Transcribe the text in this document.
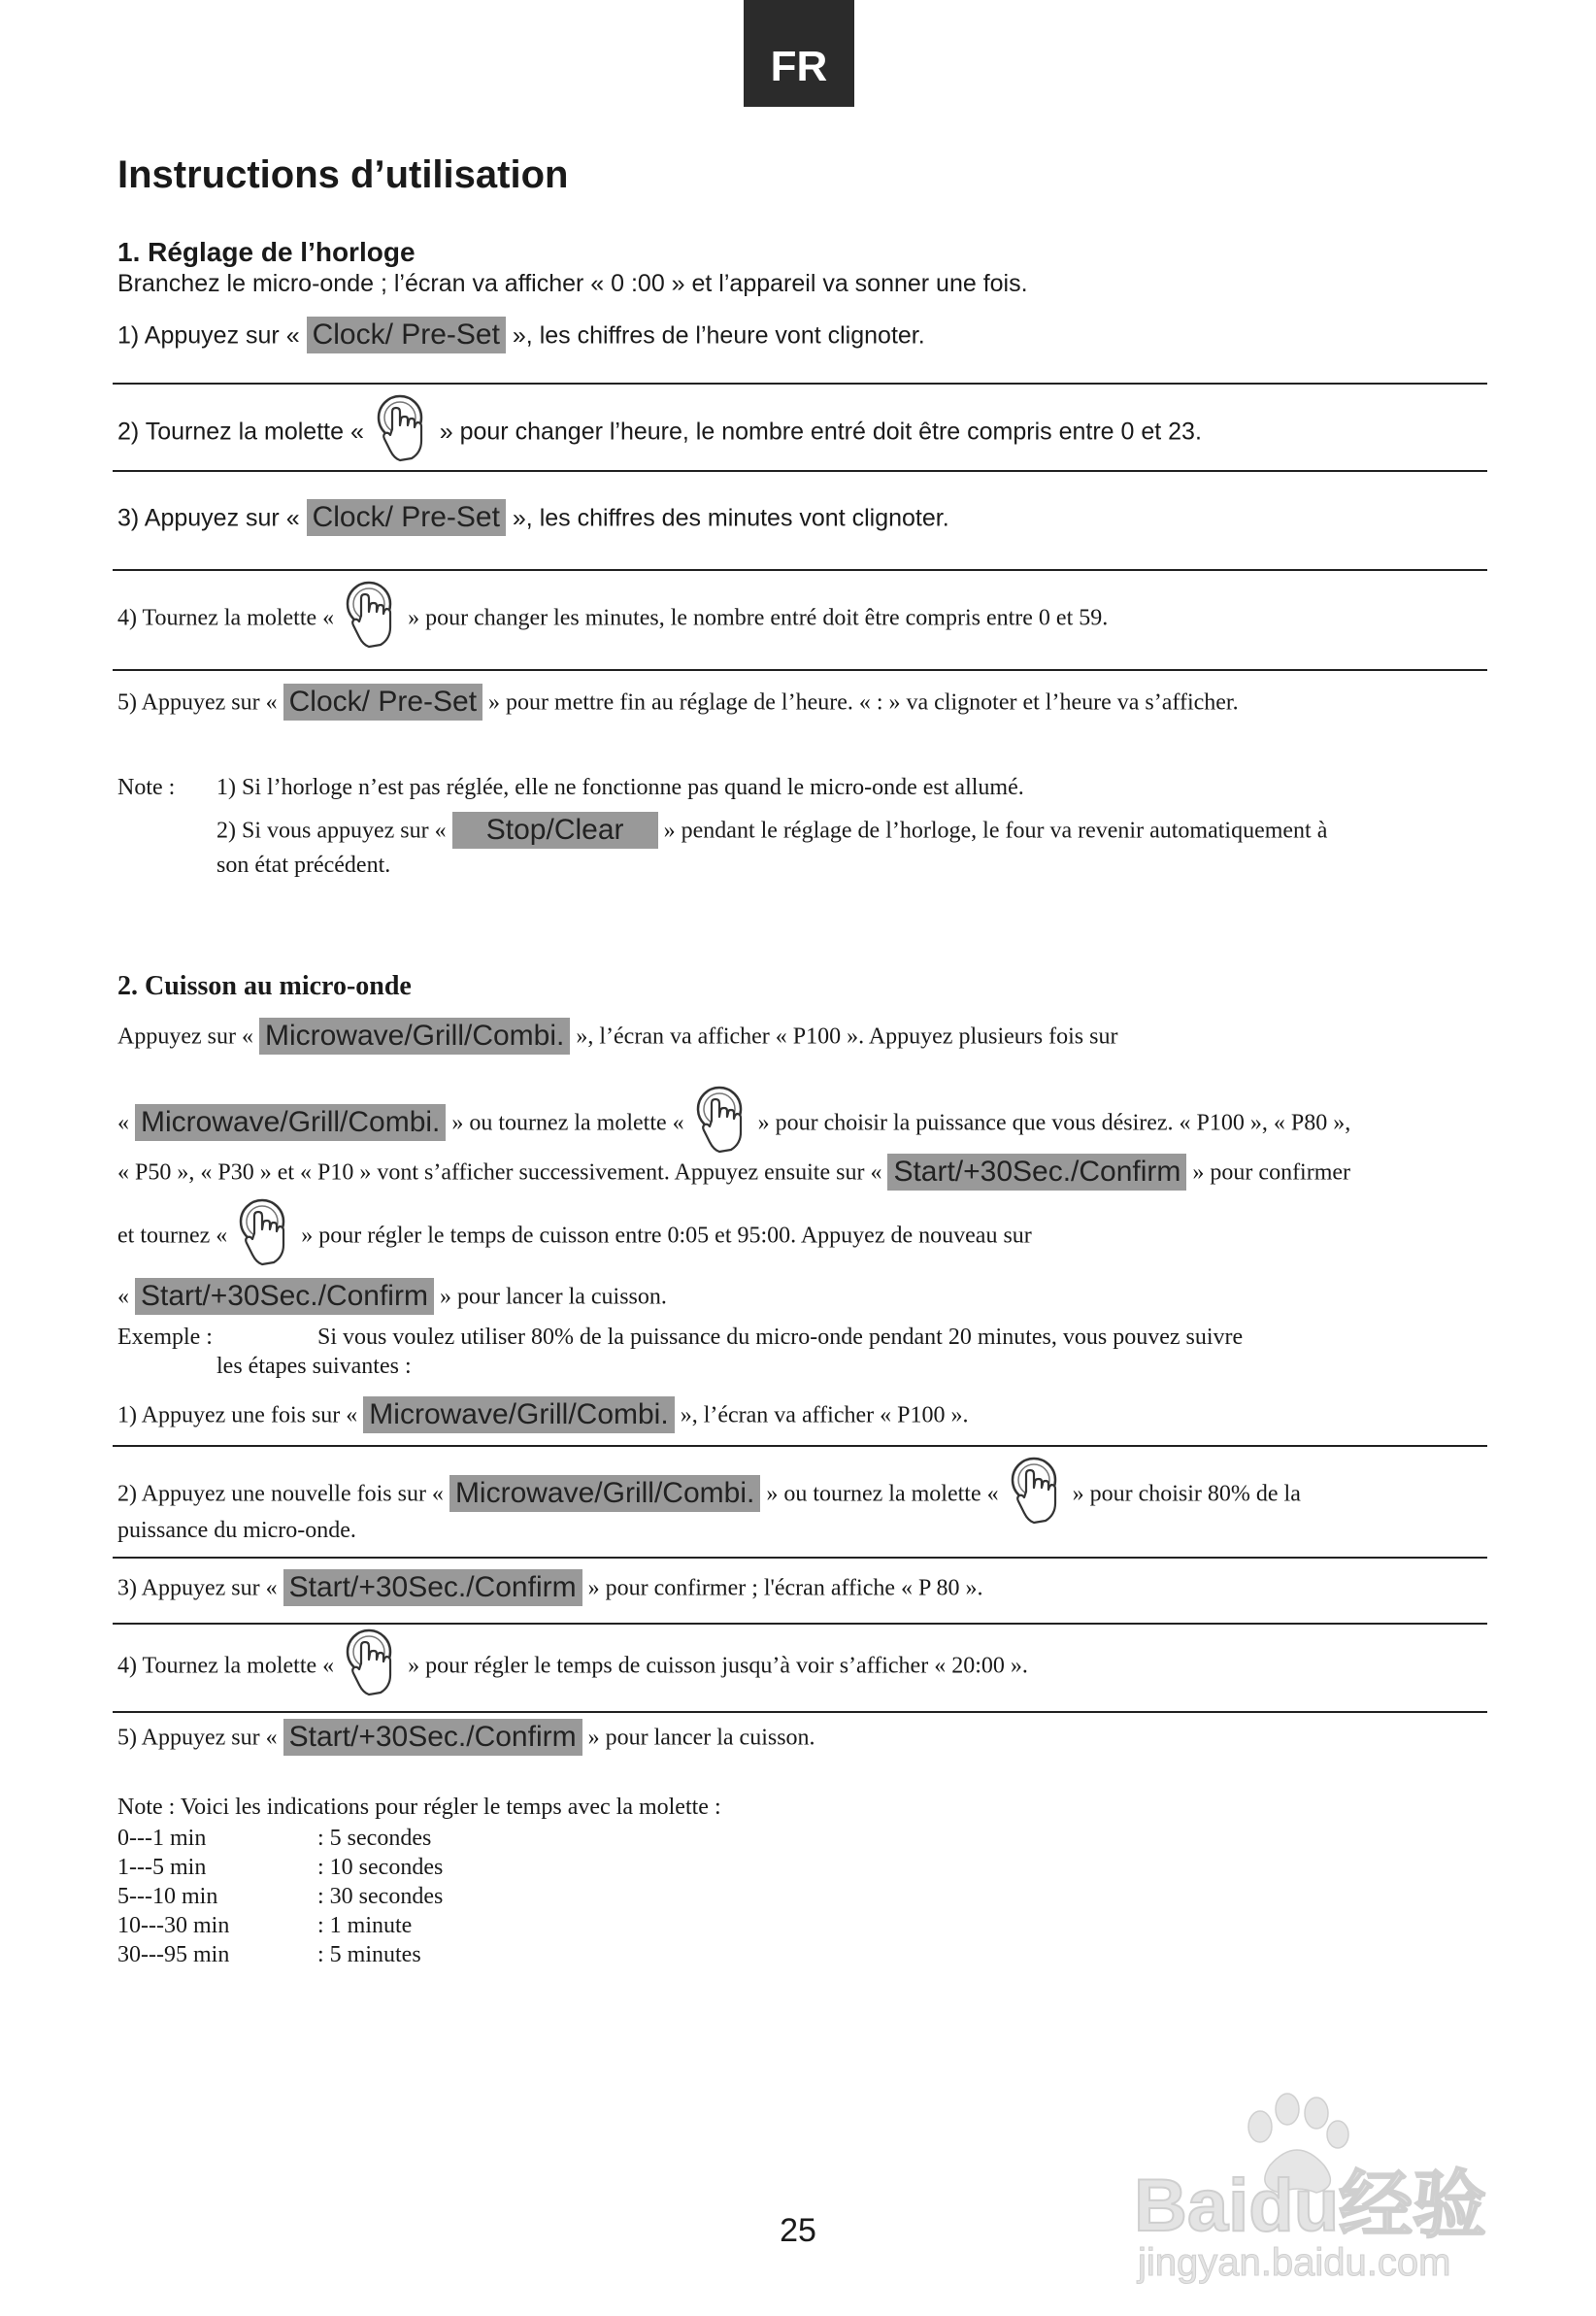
FR
Instructions d’utilisation
1. Réglage de l’horloge
Branchez le micro-onde ; l’écran va afficher « 0 :00 » et l’appareil va sonner une fois.
1) Appuyez sur « Clock/ Pre-Set », les chiffres de l’heure vont clignoter.
2) Tournez la molette «	» pour changer l’heure, le nombre entré doit être compris entre 0 et 23.
3) Appuyez sur « Clock/ Pre-Set », les chiffres des minutes vont clignoter.
4) Tournez la molette «	» pour changer les minutes, le nombre entré doit être compris entre 0 et 59.
5) Appuyez sur « Clock/ Pre-Set » pour mettre fin au réglage de l’heure. « : » va clignoter et l’heure va s’afficher.
Note : 1) Si l’horloge n’est pas réglée, elle ne fonctionne pas quand le micro-onde est allumé.
2) Si vous appuyez sur « Stop/Clear » pendant le réglage de l’horloge, le four va revenir automatiquement à
son état précédent.
2. Cuisson au micro-onde
Appuyez sur « Microwave/Grill/Combi. », l’écran va afficher « P100 ». Appuyez plusieurs fois sur
« Microwave/Grill/Combi. » ou tournez la molette «	» pour choisir la puissance que vous désirez. « P100 », « P80 »,
« P50 », « P30 » et « P10 » vont s’afficher successivement. Appuyez ensuite sur « Start/+30Sec./Confirm » pour confirmer
et tournez «	» pour régler le temps de cuisson entre 0:05 et 95:00. Appuyez de nouveau sur
« Start/+30Sec./Confirm » pour lancer la cuisson.
Exemple :	Si vous voulez utiliser 80% de la puissance du micro-onde pendant 20 minutes, vous pouvez suivre
les étapes suivantes :
1) Appuyez une fois sur « Microwave/Grill/Combi. », l’écran va afficher « P100 ».
2) Appuyez une nouvelle fois sur « Microwave/Grill/Combi. » ou tournez la molette «	» pour choisir 80% de la
puissance du micro-onde.
3) Appuyez sur « Start/+30Sec./Confirm » pour confirmer ; l'écran affiche « P 80 ».
4) Tournez la molette «	» pour régler le temps de cuisson jusqu’à voir s’afficher « 20:00 ».
5) Appuyez sur « Start/+30Sec./Confirm » pour lancer la cuisson.
Note : Voici les indications pour régler le temps avec la molette :
0---1 min	: 5 secondes
1---5 min	: 10 secondes
5---10 min	: 30 secondes
10---30 min	: 1 minute
30---95 min	: 5 minutes
Baidu经验
jingyan.baidu.com
25
